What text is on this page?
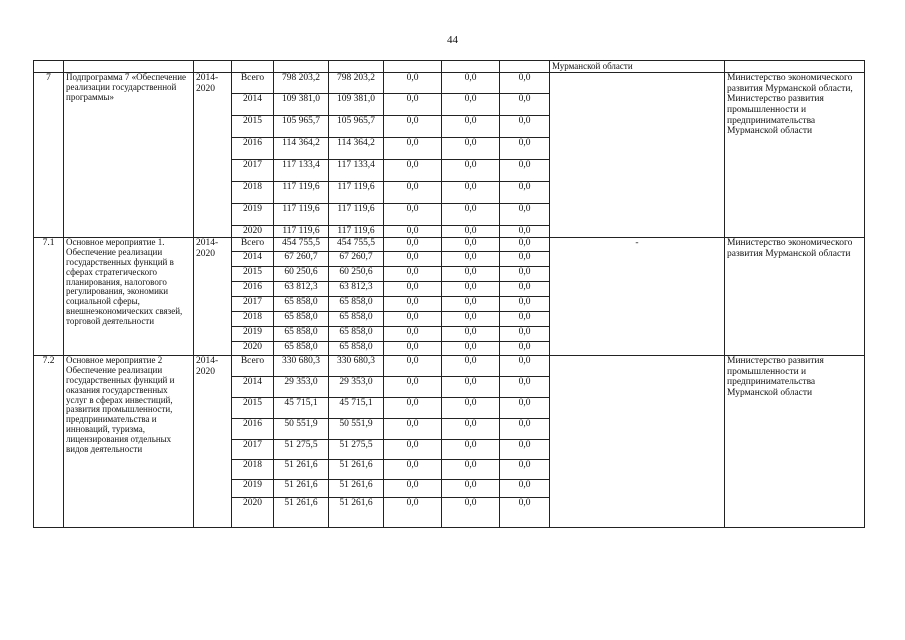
44
									Мурманской области	
7	Подпрограмма 7 «Обеспечение реализации государственной программы»	2014-2020	Всего	798 203,2	798 203,2	0,0	0,0	0,0		Министерство экономического развития Мурманской области, Министерство развития промышленности и предпринимательства Мурманской области
			2014	109 381,0	109 381,0	0,0	0,0	0,0		
			2015	105 965,7	105 965,7	0,0	0,0	0,0		
			2016	114 364,2	114 364,2	0,0	0,0	0,0		
			2017	117 133,4	117 133,4	0,0	0,0	0,0		
			2018	117 119,6	117 119,6	0,0	0,0	0,0		
			2019	117 119,6	117 119,6	0,0	0,0	0,0		
			2020	117 119,6	117 119,6	0,0	0,0	0,0		
7.1	Основное мероприятие 1. Обеспечение реализации государственных функций в сферах стратегического планирования, налогового регулирования, экономики социальной сферы, внешнеэкономических связей, торговой деятельности	2014-2020	Всего	454 755,5	454 755,5	0,0	0,0	0,0	-	Министерство экономического развития Мурманской области
			2014	67 260,7	67 260,7	0,0	0,0	0,0		
			2015	60 250,6	60 250,6	0,0	0,0	0,0		
			2016	63 812,3	63 812,3	0,0	0,0	0,0		
			2017	65 858,0	65 858,0	0,0	0,0	0,0		
			2018	65 858,0	65 858,0	0,0	0,0	0,0		
			2019	65 858,0	65 858,0	0,0	0,0	0,0		
			2020	65 858,0	65 858,0	0,0	0,0	0,0		
7.2	Основное мероприятие 2 Обеспечение реализации государственных функций и оказания государственных услуг в сферах инвестиций, развития промышленности, предпринимательства и инноваций, туризма, лицензирования отдельных видов деятельности	2014-2020	Всего	330 680,3	330 680,3	0,0	0,0	0,0		Министерство развития промышленности и предпринимательства Мурманской области
			2014	29 353,0	29 353,0	0,0	0,0	0,0		
			2015	45 715,1	45 715,1	0,0	0,0	0,0		
			2016	50 551,9	50 551,9	0,0	0,0	0,0		
			2017	51 275,5	51 275,5	0,0	0,0	0,0		
			2018	51 261,6	51 261,6	0,0	0,0	0,0		
			2019	51 261,6	51 261,6	0,0	0,0	0,0		
			2020	51 261,6	51 261,6	0,0	0,0	0,0		
